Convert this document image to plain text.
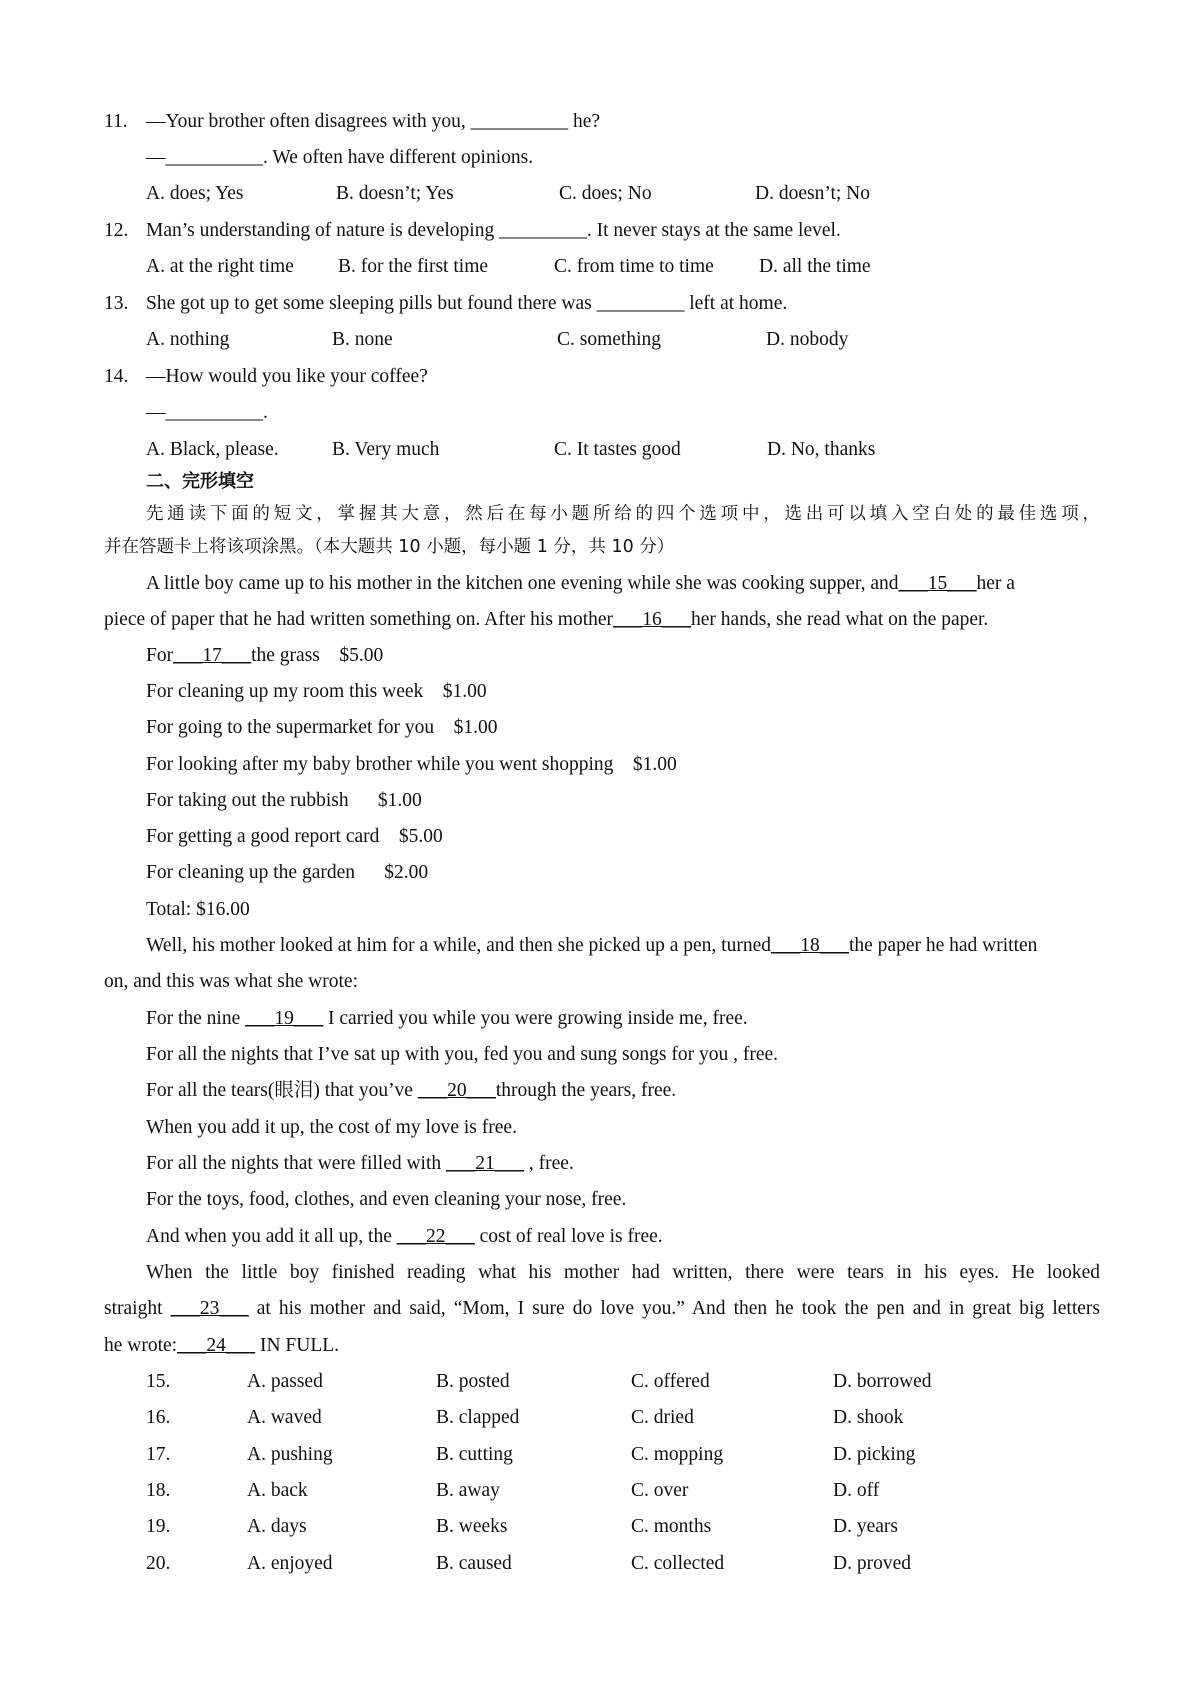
11. —Your brother often disagrees with you, __________ he?
—__________. We often have different opinions.
A. does; Yes	B. doesn’t; Yes	C. does; No	D. doesn’t; No
12. Man’s understanding of nature is developing _________. It never stays at the same level.
A. at the right time B. for the first time	C. from time to time D. all the time
13. She got up to get some sleeping pills but found there was _________ left at home.
A. nothing	B. none	C. something	D. nobody
14. —How would you like your coffee?
—__________.
A. Black, please.	B. Very much	C. It tastes good	D. No, thanks
二、完形填空
先通读下面的短文，掌握其大意，然后在每小题所给的四个选项中，选出可以填入空白处的最佳选项，
并在答题卡上将该项涂黑。（本大题共 10 小题，每小题 1 分，共 10 分）
A little boy came up to his mother in the kitchen one evening while she was cooking supper, and___15___her a
piece of paper that he had written something on. After his mother___16___her hands, she read what on the paper.
For___17___the grass    $5.00
For cleaning up my room this week    $1.00
For going to the supermarket for you    $1.00
For looking after my baby brother while you went shopping    $1.00
For taking out the rubbish      $1.00
For getting a good report card    $5.00
For cleaning up the garden      $2.00
Total: $16.00
Well, his mother looked at him for a while, and then she picked up a pen, turned___18___the paper he had written
on, and this was what she wrote:
For the nine ___19___ I carried you while you were growing inside me, free.
For all the nights that I’ve sat up with you, fed you and sung songs for you , free.
For all the tears(眼泪) that you’ve ___20___through the years, free.
When you add it up, the cost of my love is free.
For all the nights that were filled with ___21___ , free.
For the toys, food, clothes, and even cleaning your nose, free.
And when you add it all up, the ___22___ cost of real love is free.
When the little boy finished reading what his mother had written, there were tears in his eyes. He looked
straight ___23___ at his mother and said, “Mom, I sure do love you.” And then he took the pen and in great big letters
he wrote:___24___ IN FULL.
15.	A. passed	B. posted	C. offered	D. borrowed
16.	A. waved	B. clapped	C. dried	D. shook
17.	A. pushing	B. cutting	C. mopping	D. picking
18.	A. back	B. away	C. over	D. off
19.	A. days	B. weeks	C. months	D. years
20.	A. enjoyed	B. caused	C. collected	D. proved
